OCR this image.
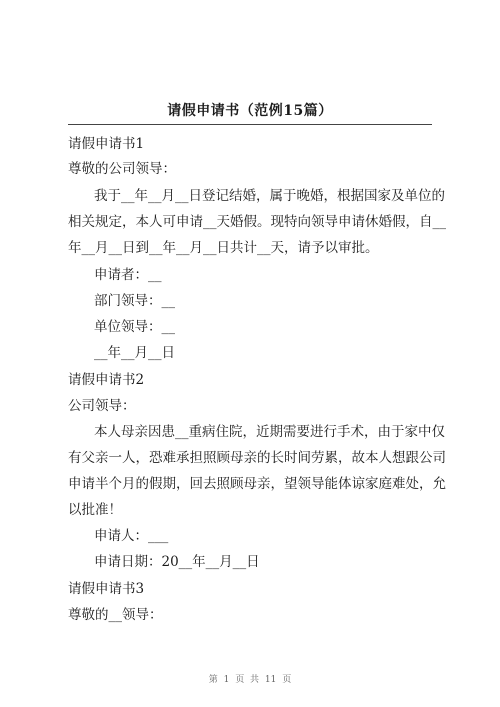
请假申请书（范例15篇）
请假申请书1
尊敬的公司领导：
我于__年__月__日登记结婚，属于晚婚，根据国家及单位的
相关规定，本人可申请__天婚假。现特向领导申请休婚假，自__
年__月__日到__年__月__日共计__天，请予以审批。
申请者：__
部门领导：__
单位领导：__
__年__月__日
请假申请书2
公司领导：
本人母亲因患__重病住院，近期需要进行手术，由于家中仅
有父亲一人，恐难承担照顾母亲的长时间劳累，故本人想跟公司
申请半个月的假期，回去照顾母亲，望领导能体谅家庭难处，允
以批准！
申请人：___
申请日期：20__年__月__日
请假申请书3
尊敬的__领导：
第 1 页 共 11 页
